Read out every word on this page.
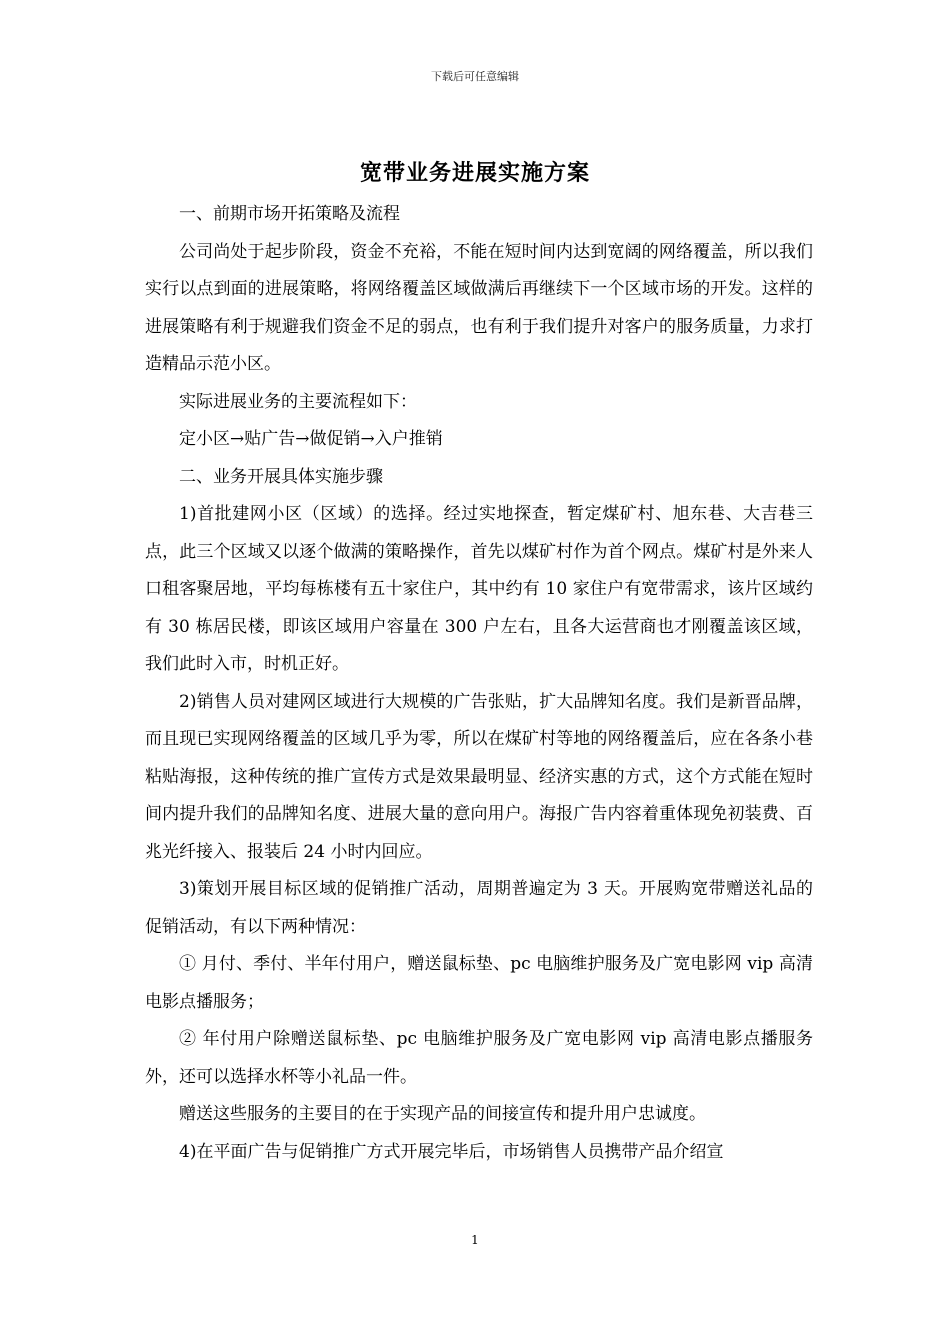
下载后可任意编辑
宽带业务进展实施方案

一、前期市场开拓策略及流程

公司尚处于起步阶段，资金不充裕，不能在短时间内达到宽阔的网络覆盖，所以我们实行以点到面的进展策略，将网络覆盖区域做满后再继续下一个区域市场的开发。这样的进展策略有利于规避我们资金不足的弱点，也有利于我们提升对客户的服务质量，力求打造精品示范小区。

实际进展业务的主要流程如下：

定小区→贴广告→做促销→入户推销

二、业务开展具体实施步骤

1)首批建网小区（区域）的选择。经过实地探查，暂定煤矿村、旭东巷、大吉巷三点，此三个区域又以逐个做满的策略操作，首先以煤矿村作为首个网点。煤矿村是外来人口租客聚居地，平均每栋楼有五十家住户，其中约有 10 家住户有宽带需求，该片区域约有 30 栋居民楼，即该区域用户容量在 300 户左右，且各大运营商也才刚覆盖该区域，我们此时入市，时机正好。

2)销售人员对建网区域进行大规模的广告张贴，扩大品牌知名度。我们是新晋品牌，而且现已实现网络覆盖的区域几乎为零，所以在煤矿村等地的网络覆盖后，应在各条小巷粘贴海报，这种传统的推广宣传方式是效果最明显、经济实惠的方式，这个方式能在短时间内提升我们的品牌知名度、进展大量的意向用户。海报广告内容着重体现免初装费、百兆光纤接入、报装后 24 小时内回应。

3)策划开展目标区域的促销推广活动，周期普遍定为 3 天。开展购宽带赠送礼品的促销活动，有以下两种情况：

① 月付、季付、半年付用户，赠送鼠标垫、pc 电脑维护服务及广宽电影网 vip 高清电影点播服务；

② 年付用户除赠送鼠标垫、pc 电脑维护服务及广宽电影网 vip 高清电影点播服务外，还可以选择水杯等小礼品一件。

赠送这些服务的主要目的在于实现产品的间接宣传和提升用户忠诚度。

4)在平面广告与促销推广方式开展完毕后，市场销售人员携带产品介绍宣

1
